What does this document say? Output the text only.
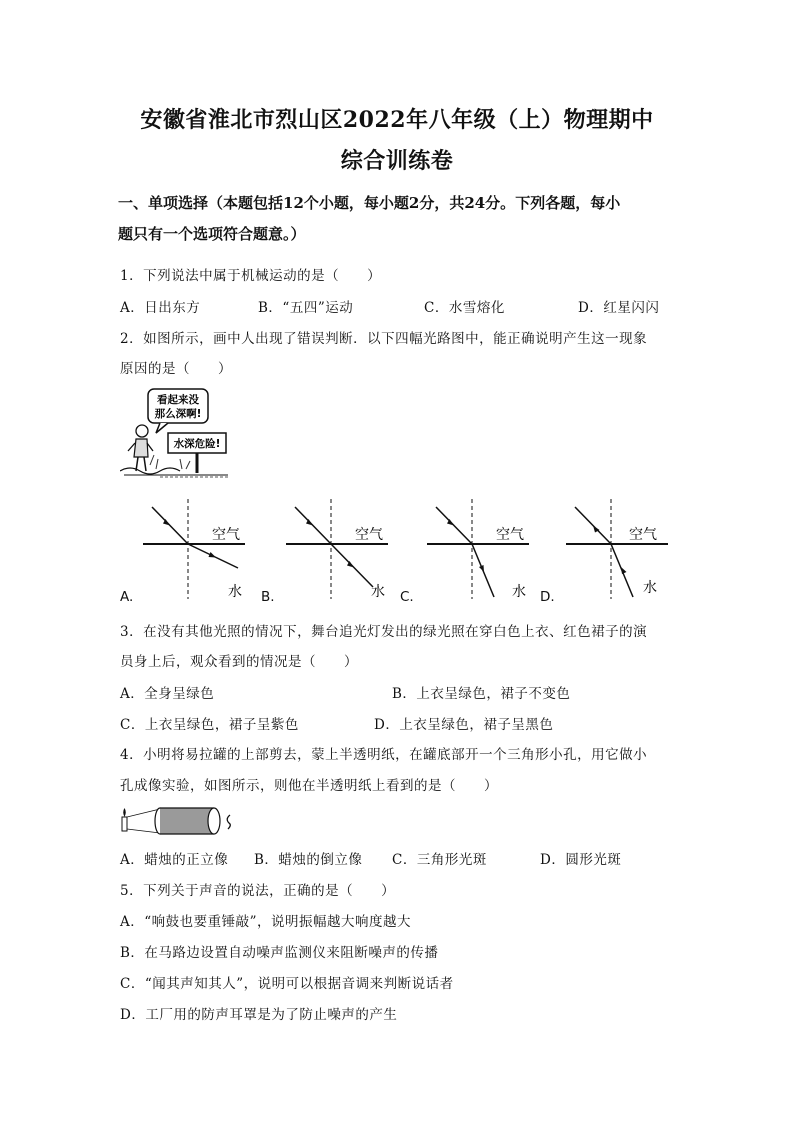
安徽省淮北市烈山区2022年八年级（上）物理期中
综合训练卷
一、单项选择（本题包括12个小题，每小题2分，共24分。下列各题，每小
题只有一个选项符合题意。）
1．下列说法中属于机械运动的是（　　）
A．日出东方	B．“五四”运动	C．水雪熔化	D．红星闪闪
2．如图所示，画中人出现了错误判断．以下四幅光路图中，能正确说明产生这一现象
原因的是（　　）
看起来没
那么深啊!
水深危险!
空气
水
A.
空气
水
B.
空气
水
C.
空气
水
D.
3．在没有其他光照的情况下，舞台追光灯发出的绿光照在穿白色上衣、红色裙子的演
员身上后，观众看到的情况是（　　）
A．全身呈绿色	B．上衣呈绿色，裙子不变色
C．上衣呈绿色，裙子呈紫色	D．上衣呈绿色，裙子呈黑色
4．小明将易拉罐的上部剪去，蒙上半透明纸，在罐底部开一个三角形小孔，用它做小
孔成像实验，如图所示，则他在半透明纸上看到的是（　　）
A．蜡烛的正立像 B．蜡烛的倒立像 C．三角形光斑	D．圆形光斑
5．下列关于声音的说法，正确的是（　　）
A．“响鼓也要重锤敲”，说明振幅越大响度越大
B．在马路边设置自动噪声监测仪来阻断噪声的传播
C．“闻其声知其人”，说明可以根据音调来判断说话者
D．工厂用的防声耳罩是为了防止噪声的产生
